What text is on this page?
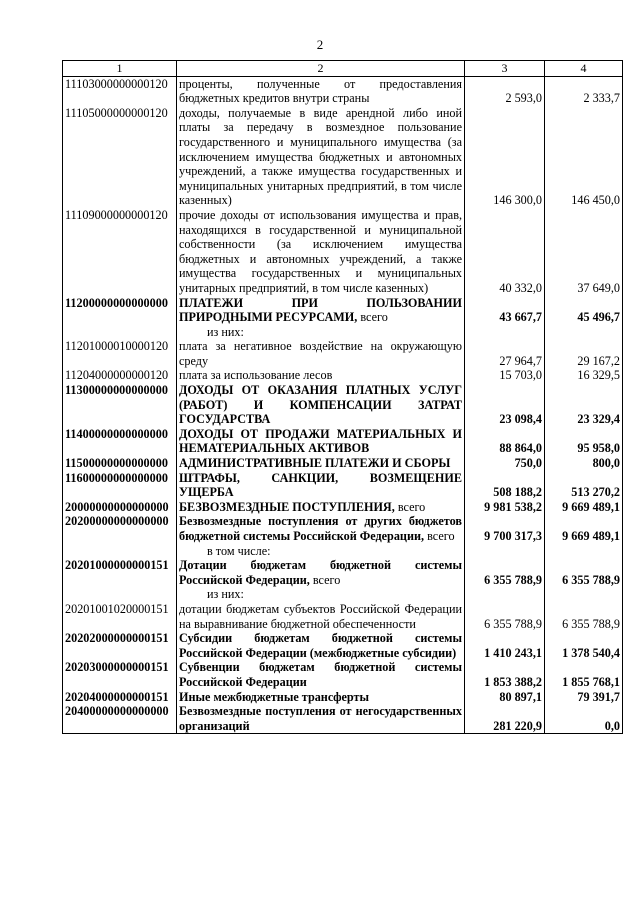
2
1	2	3	4
11103000000000120	проценты, полученные от предоставления бюджетных кредитов внутри страны	2 593,0	2 333,7
11105000000000120	доходы, получаемые в виде арендной либо иной платы за передачу в возмездное пользование государственного и муниципального имущества (за исключением имущества бюджетных и автономных учреждений, а также имущества государственных и муниципальных унитарных предприятий, в том числе казенных)	146 300,0	146 450,0
11109000000000120	прочие доходы от использования имущества и прав, находящихся в государственной и муниципальной собственности (за исключением имущества бюджетных и автономных учреждений, а также имущества государственных и муниципальных унитарных предприятий, в том числе казенных)	40 332,0	37 649,0
11200000000000000	ПЛАТЕЖИ ПРИ ПОЛЬЗОВАНИИ ПРИРОДНЫМИ РЕСУРСАМИ, всего	43 667,7	45 496,7
	из них:		
11201000010000120	плата за негативное воздействие на окружающую среду	27 964,7	29 167,2
11204000000000120	плата за использование лесов	15 703,0	16 329,5
11300000000000000	ДОХОДЫ ОТ ОКАЗАНИЯ ПЛАТНЫХ УСЛУГ (РАБОТ) И КОМПЕНСАЦИИ ЗАТРАТ ГОСУДАРСТВА	23 098,4	23 329,4
11400000000000000	ДОХОДЫ ОТ ПРОДАЖИ МАТЕРИАЛЬНЫХ И НЕМАТЕРИАЛЬНЫХ АКТИВОВ	88 864,0	95 958,0
11500000000000000	АДМИНИСТРАТИВНЫЕ ПЛАТЕЖИ И СБОРЫ	750,0	800,0
11600000000000000	ШТРАФЫ, САНКЦИИ, ВОЗМЕЩЕНИЕ УЩЕРБА	508 188,2	513 270,2
20000000000000000	БЕЗВОЗМЕЗДНЫЕ ПОСТУПЛЕНИЯ, всего	9 981 538,2	9 669 489,1
20200000000000000	Безвозмездные поступления от других бюджетов бюджетной системы Российской Федерации, всего	9 700 317,3	9 669 489,1
	в том числе:		
20201000000000151	Дотации бюджетам бюджетной системы Российской Федерации, всего	6 355 788,9	6 355 788,9
	из них:		
20201001020000151	дотации бюджетам субъектов Российской Федерации на выравнивание бюджетной обеспеченности	6 355 788,9	6 355 788,9
20202000000000151	Субсидии бюджетам бюджетной системы Российской Федерации (межбюджетные субсидии)	1 410 243,1	1 378 540,4
20203000000000151	Субвенции бюджетам бюджетной системы Российской Федерации	1 853 388,2	1 855 768,1
20204000000000151	Иные межбюджетные трансферты	80 897,1	79 391,7
20400000000000000	Безвозмездные поступления от негосударственных организаций	281 220,9	0,0
